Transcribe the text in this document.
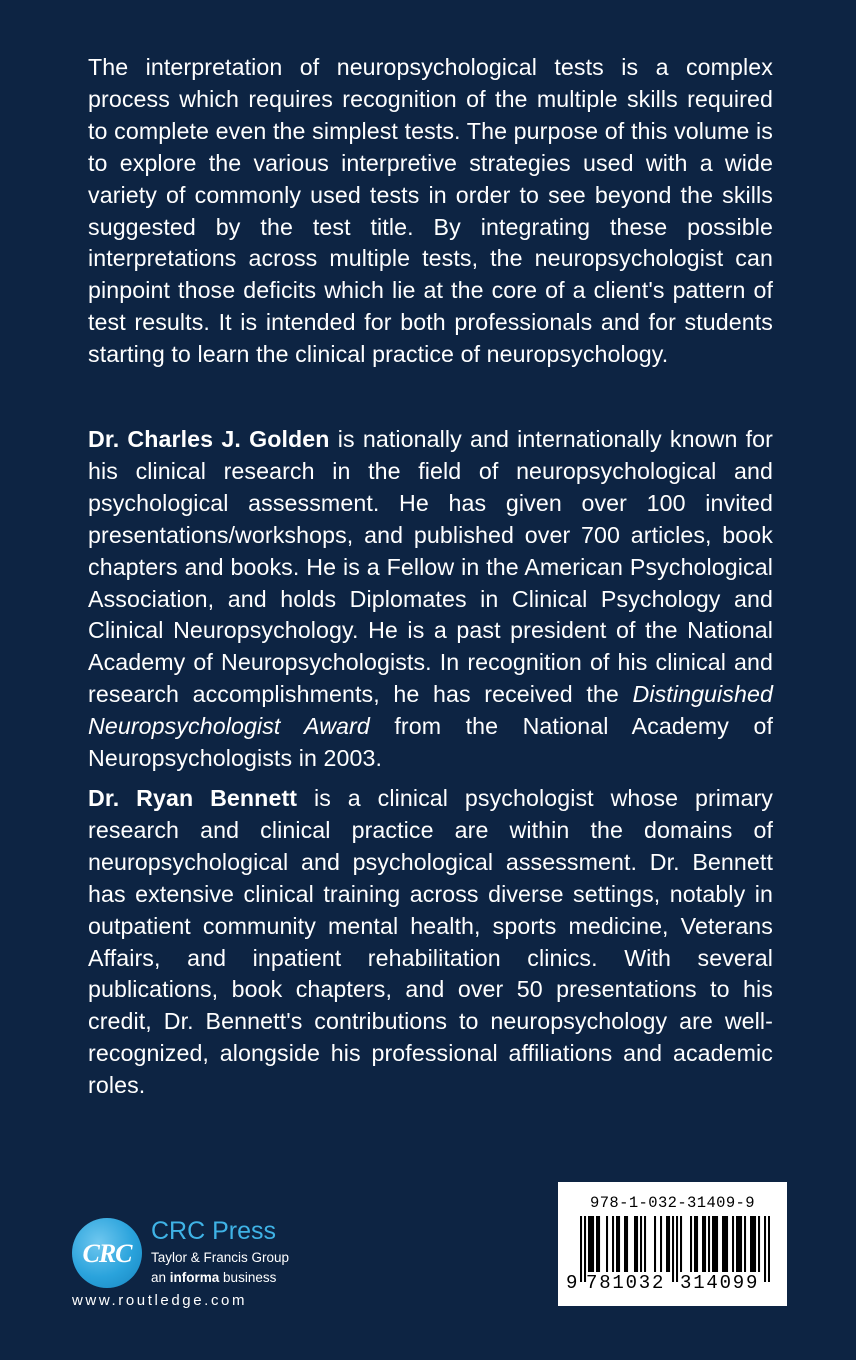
The interpretation of neuropsychological tests is a complex process which requires recognition of the multiple skills required to complete even the simplest tests. The purpose of this volume is to explore the various interpretive strategies used with a wide variety of commonly used tests in order to see beyond the skills suggested by the test title. By integrating these possible interpretations across multiple tests, the neuropsychologist can pinpoint those deficits which lie at the core of a client's pattern of test results. It is intended for both professionals and for students starting to learn the clinical practice of neuropsychology.

Dr. Charles J. Golden is nationally and internationally known for his clinical research in the field of neuropsychological and psychological assessment. He has given over 100 invited presentations/workshops, and published over 700 articles, book chapters and books. He is a Fellow in the American Psychological Association, and holds Diplomates in Clinical Psychology and Clinical Neuropsychology. He is a past president of the National Academy of Neuropsychologists. In recognition of his clinical and research accomplishments, he has received the Distinguished Neuropsychologist Award from the National Academy of Neuropsychologists in 2003.

Dr. Ryan Bennett is a clinical psychologist whose primary research and clinical practice are within the domains of neuropsychological and psychological assessment. Dr. Bennett has extensive clinical training across diverse settings, notably in outpatient community mental health, sports medicine, Veterans Affairs, and inpatient rehabilitation clinics. With several publications, book chapters, and over 50 presentations to his credit, Dr. Bennett's contributions to neuropsychology are well-recognized, alongside his professional affiliations and academic roles.

CRC
CRC Press
Taylor & Francis Group
an informa business
www.routledge.com
978-1-032-31409-9
9 781032 314099
